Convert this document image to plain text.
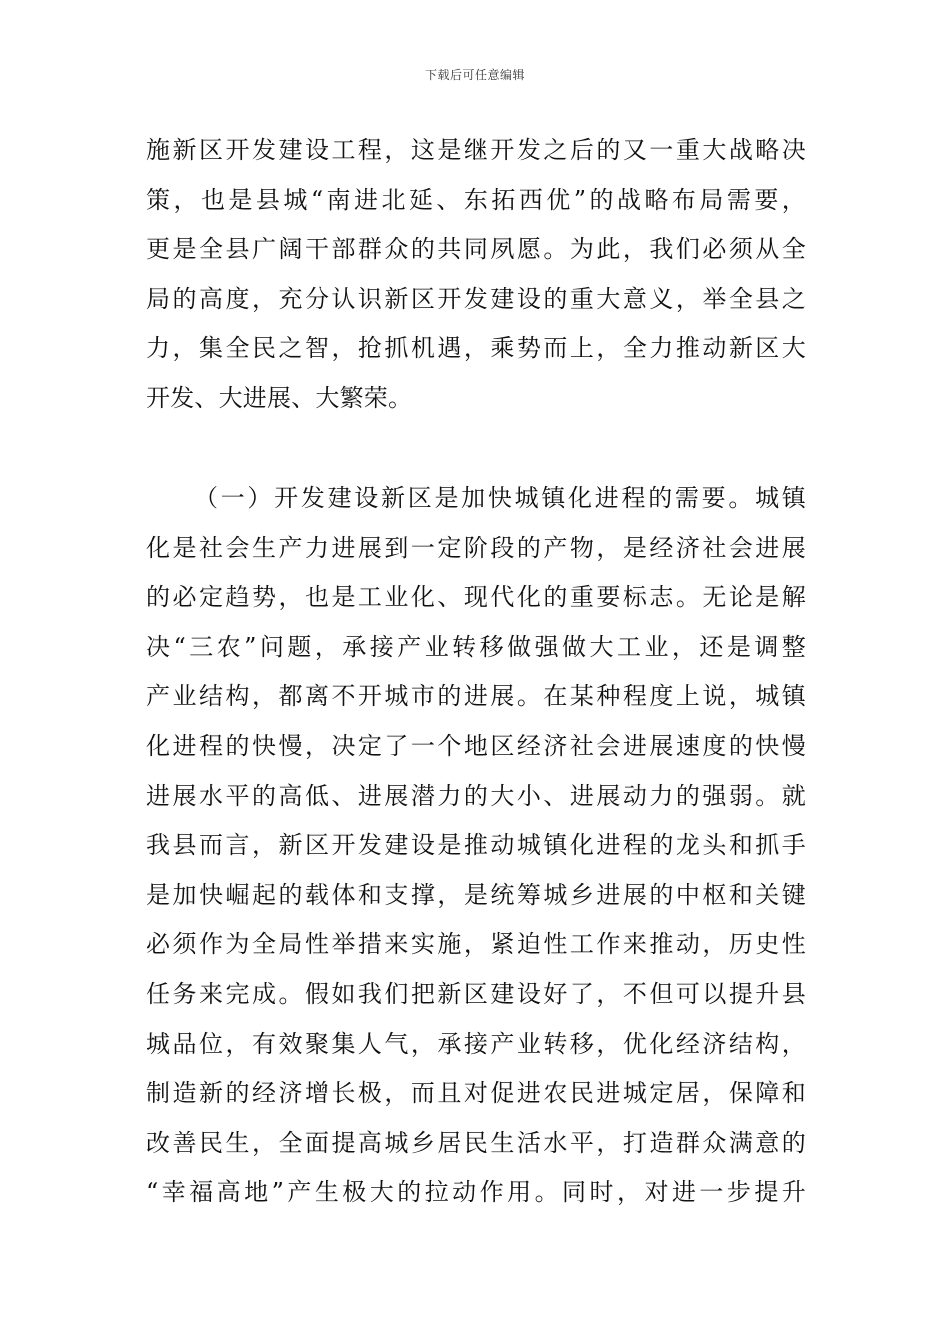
下载后可任意编辑
施新区开发建设工程，这是继开发之后的又一重大战略决
策，也是县城“南进北延、东拓西优”的战略布局需要，
更是全县广阔干部群众的共同夙愿。为此，我们必须从全
局的高度，充分认识新区开发建设的重大意义，举全县之
力，集全民之智，抢抓机遇，乘势而上，全力推动新区大
开发、大进展、大繁荣。
（一）开发建设新区是加快城镇化进程的需要。城镇
化是社会生产力进展到一定阶段的产物，是经济社会进展
的必定趋势，也是工业化、现代化的重要标志。无论是解
决“三农”问题，承接产业转移做强做大工业，还是调整
产业结构，都离不开城市的进展。在某种程度上说，城镇
化进程的快慢，决定了一个地区经济社会进展速度的快慢
进展水平的高低、进展潜力的大小、进展动力的强弱。就
我县而言，新区开发建设是推动城镇化进程的龙头和抓手
是加快崛起的载体和支撑，是统筹城乡进展的中枢和关键
必须作为全局性举措来实施，紧迫性工作来推动，历史性
任务来完成。假如我们把新区建设好了，不但可以提升县
城品位，有效聚集人气，承接产业转移，优化经济结构，
制造新的经济增长极，而且对促进农民进城定居，保障和
改善民生，全面提高城乡居民生活水平，打造群众满意的
“幸福高地”产生极大的拉动作用。同时，对进一步提升
